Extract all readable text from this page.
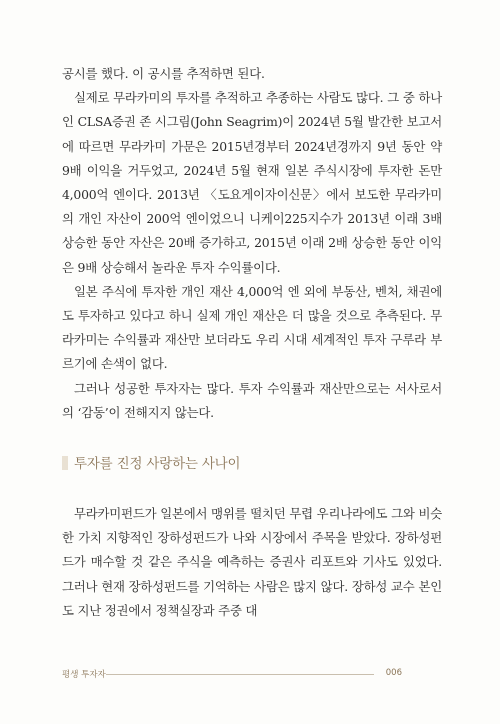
공시를 했다. 이 공시를 추적하면 된다.

실제로 무라카미의 투자를 추적하고 추종하는 사람도 많다. 그 중 하나인 CLSA증권 존 시그림(John Seagrim)이 2024년 5월 발간한 보고서에 따르면 무라카미 가문은 2015년경부터 2024년경까지 9년 동안 약 9배 이익을 거두었고, 2024년 5월 현재 일본 주식시장에 투자한 돈만 4,000억 엔이다. 2013년 〈도요게이자이신문〉에서 보도한 무라카미의 개인 자산이 200억 엔이었으니 니케이225지수가 2013년 이래 3배 상승한 동안 자산은 20배 증가하고, 2015년 이래 2배 상승한 동안 이익은 9배 상승해서 놀라운 투자 수익률이다.

일본 주식에 투자한 개인 재산 4,000억 엔 외에 부동산, 벤처, 채권에도 투자하고 있다고 하니 실제 개인 재산은 더 많을 것으로 추측된다. 무라카미는 수익률과 재산만 보더라도 우리 시대 세계적인 투자 구루라 부르기에 손색이 없다.

그러나 성공한 투자자는 많다. 투자 수익률과 재산만으로는 서사로서의 ‘감동’이 전해지지 않는다.

투자를 진정 사랑하는 사나이

무라카미펀드가 일본에서 맹위를 떨치던 무렵 우리나라에도 그와 비슷한 가치 지향적인 장하성펀드가 나와 시장에서 주목을 받았다. 장하성펀드가 매수할 것 같은 주식을 예측하는 증권사 리포트와 기사도 있었다. 그러나 현재 장하성펀드를 기억하는 사람은 많지 않다. 장하성 교수 본인도 지난 정권에서 정책실장과 주중 대

평생 투자자	006
